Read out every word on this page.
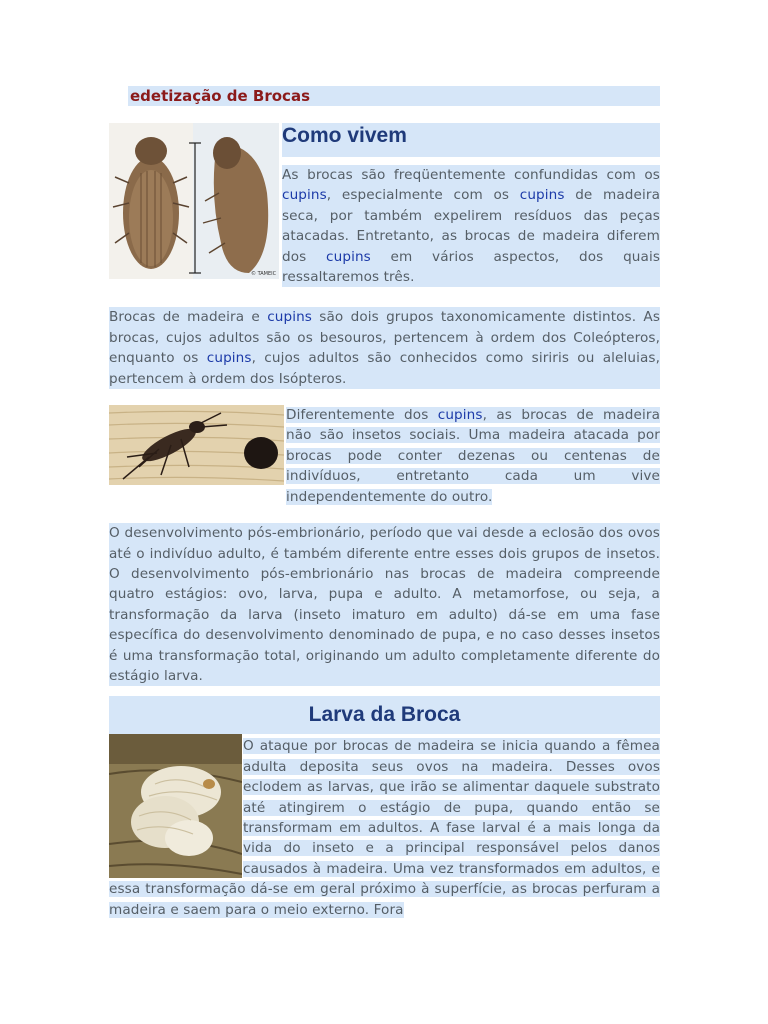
edetização de Brocas
© TAMEIC
Como vivem

As brocas são freqüentemente confundidas com os cupins, especialmente com os cupins de madeira seca, por também expelirem resíduos das peças atacadas. Entretanto, as brocas de madeira diferem dos cupins em vários aspectos, dos quais ressaltaremos três.

Brocas de madeira e cupins são dois grupos taxonomicamente distintos. As brocas, cujos adultos são os besouros, pertencem à ordem dos Coleópteros, enquanto os cupins, cujos adultos são conhecidos como siriris ou aleluias, pertencem à ordem dos Isópteros.

Diferentemente dos cupins, as brocas de madeira não são insetos sociais. Uma madeira atacada por brocas pode conter dezenas ou centenas de indivíduos, entretanto cada um vive independentemente do outro.

O desenvolvimento pós-embrionário, período que vai desde a eclosão dos ovos até o indivíduo adulto, é também diferente entre esses dois grupos de insetos. O desenvolvimento pós-embrionário nas brocas de madeira compreende quatro estágios: ovo, larva, pupa e adulto. A metamorfose, ou seja, a transformação da larva (inseto imaturo em adulto) dá-se em uma fase específica do desenvolvimento denominado de pupa, e no caso desses insetos é uma transformação total, originando um adulto completamente diferente do estágio larva.

Larva da Broca

O ataque por brocas de madeira se inicia quando a fêmea adulta deposita seus ovos na madeira. Desses ovos eclodem as larvas, que irão se alimentar daquele substrato até atingirem o estágio de pupa, quando então se transformam em adultos. A fase larval é a mais longa da vida do inseto e a principal responsável pelos danos causados à madeira. Uma vez transformados em adultos, e essa transformação dá-se em geral próximo à superfície, as brocas perfuram a madeira e saem para o meio externo. Fora
